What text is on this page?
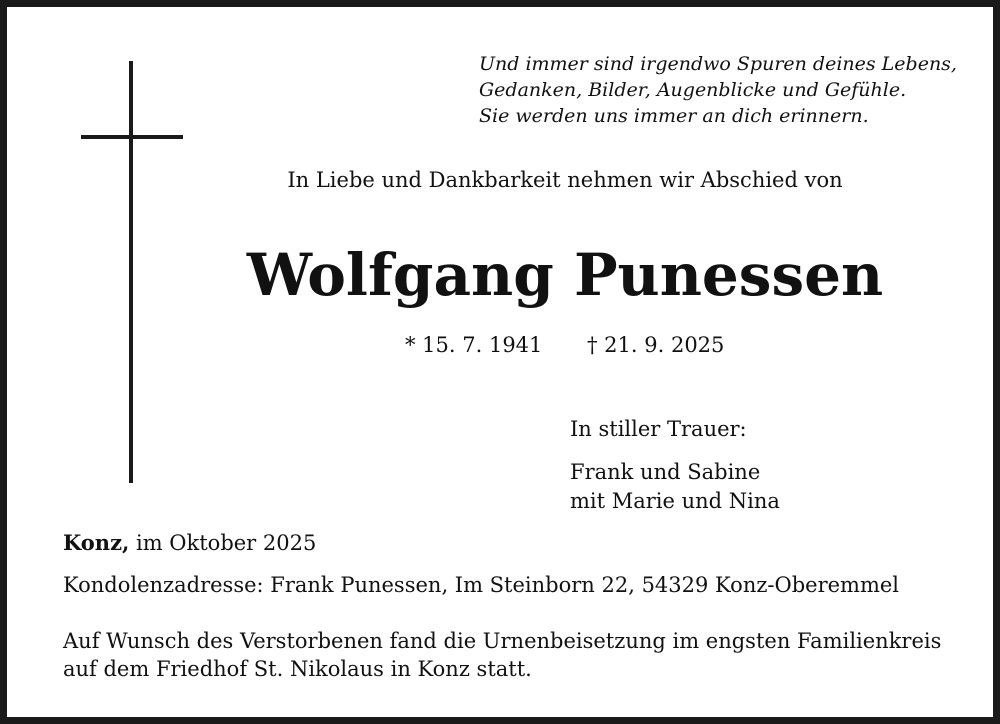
Und immer sind irgendwo Spuren deines Lebens,
Gedanken, Bilder, Augenblicke und Gefühle.
Sie werden uns immer an dich erinnern.
In Liebe und Dankbarkeit nehmen wir Abschied von
Wolfgang Punessen
* 15. 7. 1941 † 21. 9. 2025
In stiller Trauer:
Frank und Sabine
mit Marie und Nina
Konz, im Oktober 2025
Kondolenzadresse: Frank Punessen, Im Steinborn 22, 54329 Konz-Oberemmel
Auf Wunsch des Verstorbenen fand die Urnenbeisetzung im engsten Familienkreis
auf dem Friedhof St. Nikolaus in Konz statt.
